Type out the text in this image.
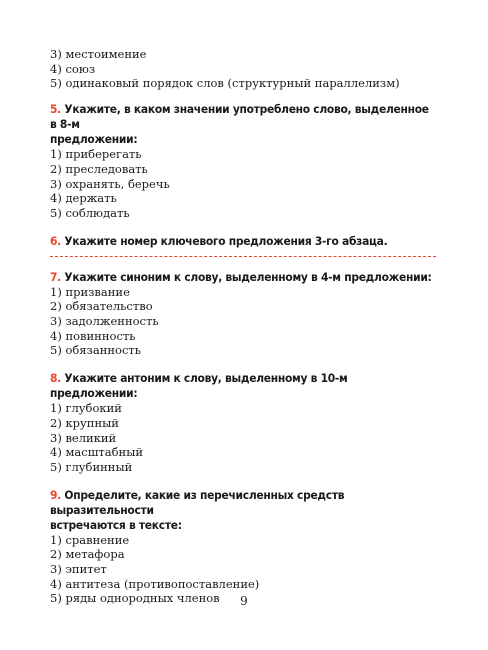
3) местоимение
4) союз
5) одинаковый порядок слов (структурный параллелизм)
5. Укажите, в каком значении употреблено слово, выделенное в 8-м
предложении:
1) приберегать
2) преследовать
3) охранять, беречь
4) держать
5) соблюдать
6. Укажите номер ключевого предложения 3-го абзаца.
7. Укажите синоним к слову, выделенному в 4-м предложении:
1) призвание
2) обязательство
3) задолженность
4) повинность
5) обязанность
8. Укажите антоним к слову, выделенному в 10-м предложении:
1) глубокий
2) крупный
3) великий
4) масштабный
5) глубинный
9. Определите, какие из перечисленных средств выразительности
встречаются в тексте:
1) сравнение
2) метафора
3) эпитет
4) антитеза (противопоставление)
5) ряды однородных членов	9
